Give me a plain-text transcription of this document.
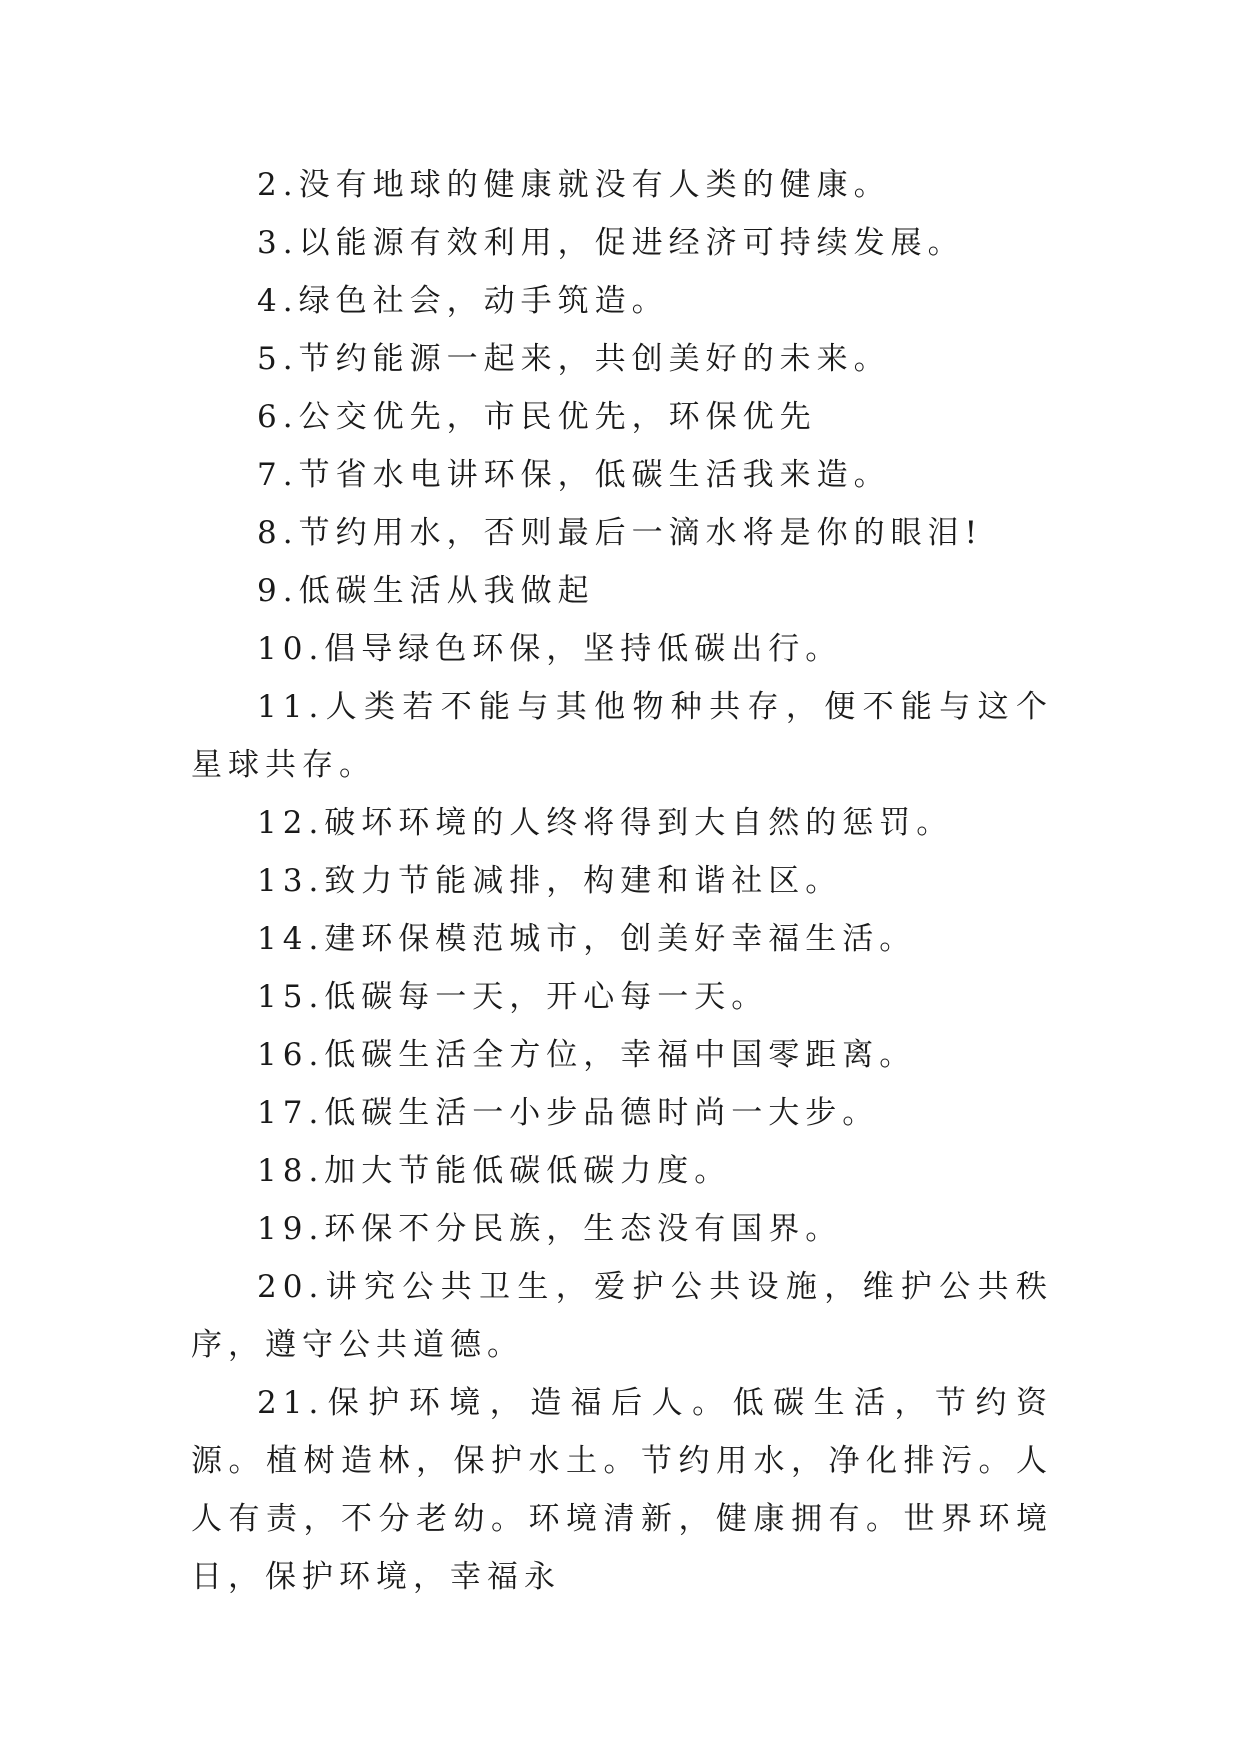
2.没有地球的健康就没有人类的健康。

3.以能源有效利用，促进经济可持续发展。

4.绿色社会，动手筑造。

5.节约能源一起来，共创美好的未来。

6.公交优先，市民优先，环保优先

7.节省水电讲环保，低碳生活我来造。

8.节约用水，否则最后一滴水将是你的眼泪!

9.低碳生活从我做起

10.倡导绿色环保，坚持低碳出行。

11.人类若不能与其他物种共存，便不能与这个星球共存。

12.破坏环境的人终将得到大自然的惩罚。

13.致力节能减排，构建和谐社区。

14.建环保模范城市，创美好幸福生活。

15.低碳每一天，开心每一天。

16.低碳生活全方位，幸福中国零距离。

17.低碳生活一小步品德时尚一大步。

18.加大节能低碳低碳力度。

19.环保不分民族，生态没有国界。

20.讲究公共卫生，爱护公共设施，维护公共秩序，遵守公共道德。

21.保护环境，造福后人。低碳生活，节约资源。植树造林，保护水土。节约用水，净化排污。人人有责，不分老幼。环境清新，健康拥有。世界环境日，保护环境，幸福永
